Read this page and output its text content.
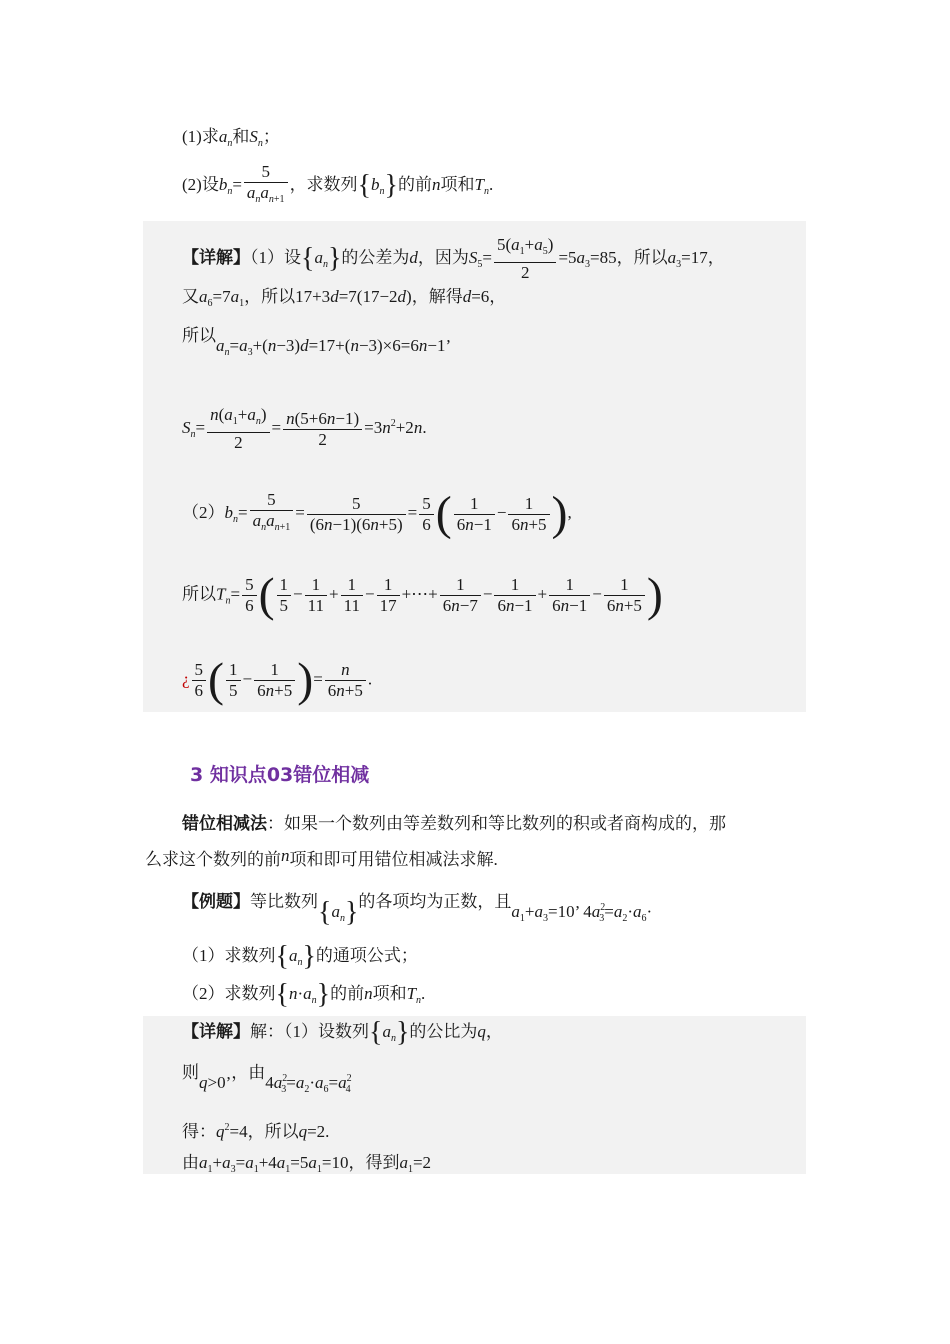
(1)求$a_n$和$S_n$；
(2)设$b_n= \frac{5}{a_na_{n+1}}$ ，求数列$\{b_n\}$的前n项和$T_n$.
【详解】（1）设$\{a_n\}$的公差为d，因为$S_5= \frac{5(a_1+a_5)}{2} =5a_3=85$，所以$a_3=17$，
又$a_6=7a_1$，所以17+3d=7(17−2d)，解得d=6，
所以$a_n=a_3+(n-3)d=17+(n-3)\times 6=6n-1$’
$S_n= \frac{n(a_1+a_n)}{2} = \frac{n(5+6n-1)}{2} =3n^2+2n$.
$(2)b_n= \frac{5}{a_na_{n+1}} = \frac{5}{(6n-1)(6n+5)} = \frac{5}{6}$ ( $\frac{1}{6n-1} - \frac{1}{6n+5}$ ),
所以$T_n= \frac{5}{6}$ ( $\frac{1}{5} - \frac{1}{11} + \frac{1}{11} - \frac{1}{17}$ +⋯+ $\frac{1}{6n-7} - \frac{1}{6n-1} + \frac{1}{6n-1} - \frac{1}{6n+5}$ )
¿ $\frac{5}{6}$ ( $\frac{1}{5} - \frac{1}{6n+5}$ )= $\frac{n}{6n+5}$ .
3 知识点03错位相减
错位相减法：如果一个数列由等差数列和等比数列的积或者商构成的，那
么求这个数列的前n项和即可用错位相减法求解.
【例题】等比数列$\{a_n\}$的各项均为正数，且$a_1+a_3=10$’ $4a^2_3=a_2\cdot a_6\cdot$
（1）求数列$\{a_n\}$的通项公式；
（2）求数列$\{n\cdot a_n\}$的前n项和$T_n$.
【详解】解：（1）设数列$\{a_n\}$的公比为q，
则q>0’，由$4a^2_3=a_2\cdot a_6=a^2_4$
得：$q^2=4$，所以q=2.
由$a_1+a_3=a_1+4a_1=5a_1=10$，得到$a_1=2$
